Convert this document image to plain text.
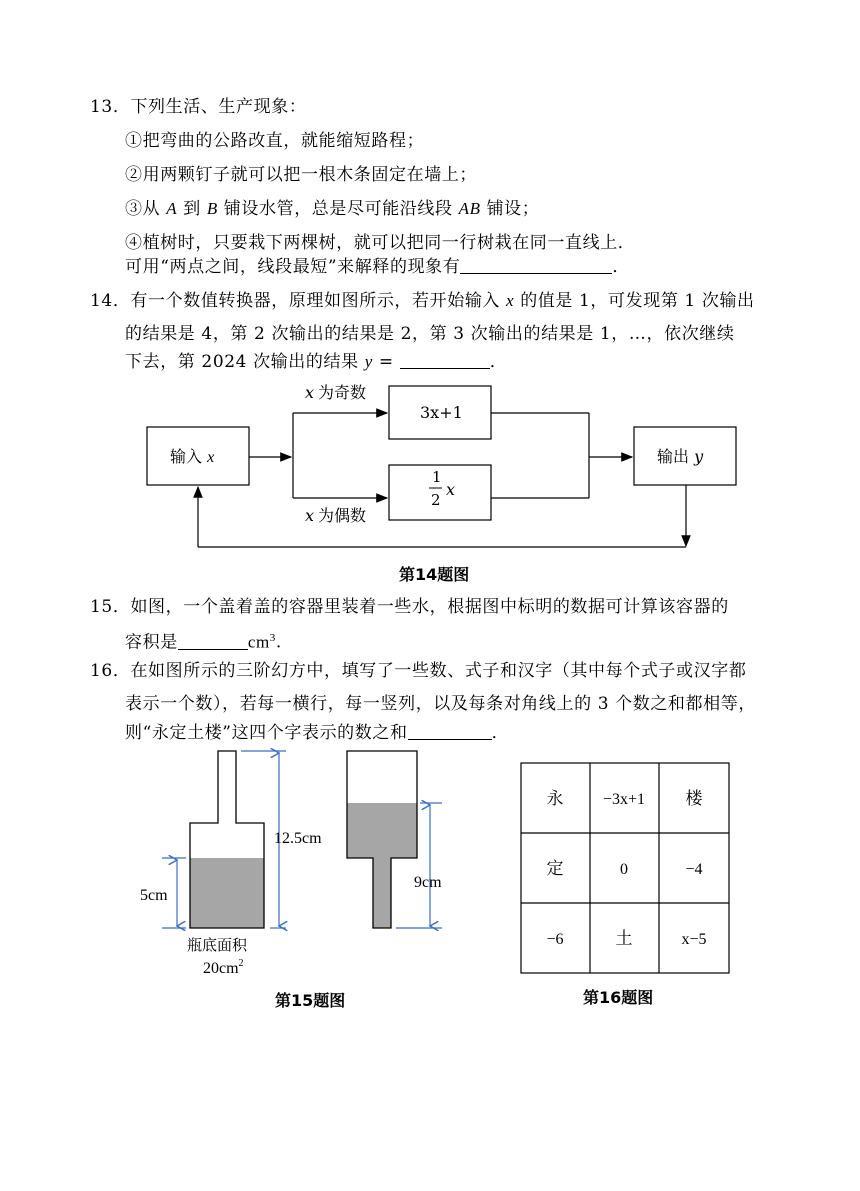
13．下列生活、生产现象：
①把弯曲的公路改直，就能缩短路程；
②用两颗钉子就可以把一根木条固定在墙上；
③从 A 到 B 铺设水管，总是尽可能沿线段 AB 铺设；
④植树时，只要栽下两棵树，就可以把同一行树栽在同一直线上．
可用“两点之间，线段最短”来解释的现象有	．
14．有一个数值转换器，原理如图所示，若开始输入 x 的值是 1，可发现第 1 次输出
的结果是 4，第 2 次输出的结果是 2，第 3 次输出的结果是 1，…，依次继续
下去，第 2024 次输出的结果 y =	．
输入 x
x 为奇数
x 为偶数
3x+1
1
2
x
输出 y
第14题图
15．如图，一个盖着盖的容器里装着一些水，根据图中标明的数据可计算该容器的
容积是	$cm^3$.
16．在如图所示的三阶幻方中，填写了一些数、式子和汉字（其中每个式子或汉字都
表示一个数），若每一横行，每一竖列，以及每条对角线上的 3 个数之和都相等，
则“永定土楼”这四个字表示的数之和	．
12.5cm
5cm
瓶底面积
$20cm^2$
9cm
第15题图
永 −3x+1 楼
定	0	−4
−6	土	x−5
第16题图
